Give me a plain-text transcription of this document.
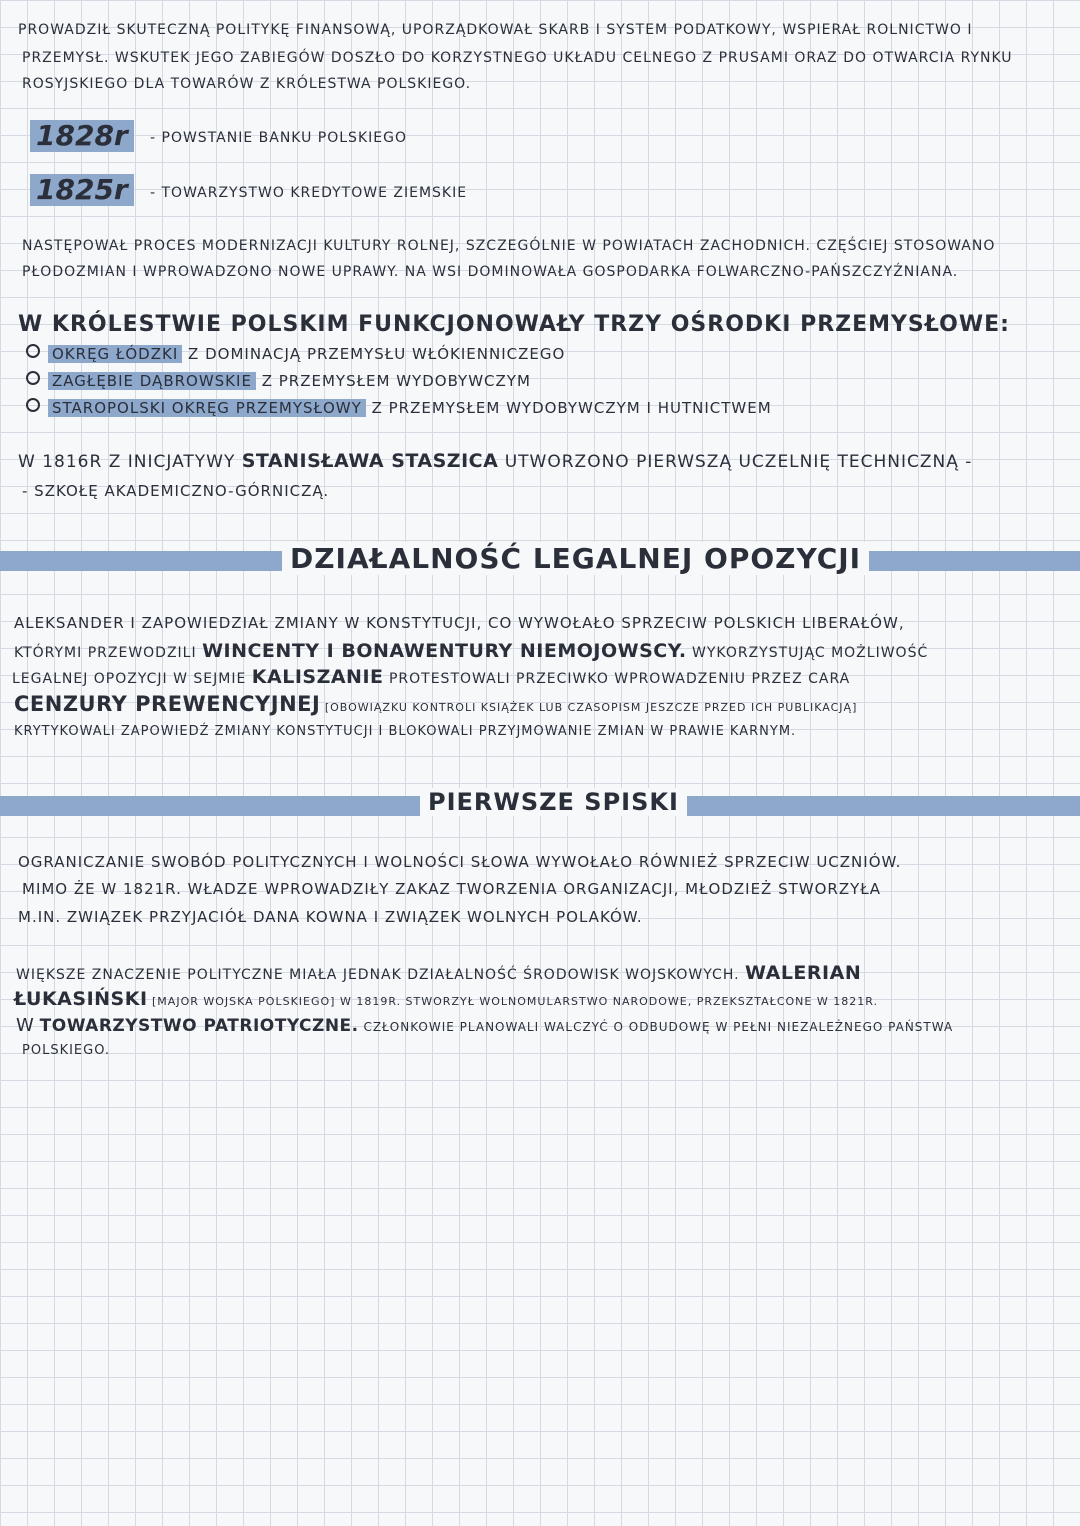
PROWADZIŁ SKUTECZNĄ POLITYKĘ FINANSOWĄ, UPORZĄDKOWAŁ SKARB I SYSTEM PODATKOWY, WSPIERAŁ ROLNICTWO I
PRZEMYSŁ. WSKUTEK JEGO ZABIEGÓW DOSZŁO DO KORZYSTNEGO UKŁADU CELNEGO Z PRUSAMI ORAZ DO OTWARCIA RYNKU
ROSYJSKIEGO DLA TOWARÓW Z KRÓLESTWA POLSKIEGO.
1828r	- POWSTANIE BANKU POLSKIEGO
1825r	- TOWARZYSTWO KREDYTOWE ZIEMSKIE
NASTĘPOWAŁ PROCES MODERNIZACJI KULTURY ROLNEJ, SZCZEGÓLNIE W POWIATACH ZACHODNICH. CZĘŚCIEJ STOSOWANO
PŁODOZMIAN I WPROWADZONO NOWE UPRAWY. NA WSI DOMINOWAŁA GOSPODARKA FOLWARCZNO-PAŃSZCZYŹNIANA.
W KRÓLESTWIE POLSKIM FUNKCJONOWAŁY TRZY OŚRODKI PRZEMYSŁOWE:
OKRĘG ŁÓDZKI Z DOMINACJĄ PRZEMYSŁU WŁÓKIENNICZEGO
ZAGŁĘBIE DĄBROWSKIE Z PRZEMYSŁEM WYDOBYWCZYM
STAROPOLSKI OKRĘG PRZEMYSŁOWY Z PRZEMYSŁEM WYDOBYWCZYM I HUTNICTWEM
W 1816R Z INICJATYWY STANISŁAWA STASZICA UTWORZONO PIERWSZĄ UCZELNIĘ TECHNICZNĄ -
- SZKOŁĘ AKADEMICZNO-GÓRNICZĄ.
DZIAŁALNOŚĆ LEGALNEJ OPOZYCJI
ALEKSANDER I ZAPOWIEDZIAŁ ZMIANY W KONSTYTUCJI, CO WYWOŁAŁO SPRZECIW POLSKICH LIBERAŁÓW,
KTÓRYMI PRZEWODZILI WINCENTY I BONAWENTURY NIEMOJOWSCY. WYKORZYSTUJĄC MOŻLIWOŚĆ
LEGALNEJ OPOZYCJI W SEJMIE KALISZANIE PROTESTOWALI PRZECIWKO WPROWADZENIU PRZEZ CARA
CENZURY PREWENCYJNEJ [OBOWIĄZKU KONTROLI KSIĄŻEK LUB CZASOPISM JESZCZE PRZED ICH PUBLIKACJĄ]
KRYTYKOWALI ZAPOWIEDŹ ZMIANY KONSTYTUCJI I BLOKOWALI PRZYJMOWANIE ZMIAN W PRAWIE KARNYM.
PIERWSZE SPISKI
OGRANICZANIE SWOBÓD POLITYCZNYCH I WOLNOŚCI SŁOWA WYWOŁAŁO RÓWNIEŻ SPRZECIW UCZNIÓW.
MIMO ŻE W 1821R. WŁADZE WPROWADZIŁY ZAKAZ TWORZENIA ORGANIZACJI, MŁODZIEŻ STWORZYŁA
M.IN. ZWIĄZEK PRZYJACIÓŁ DANA KOWNA I ZWIĄZEK WOLNYCH POLAKÓW.
WIĘKSZE ZNACZENIE POLITYCZNE MIAŁA JEDNAK DZIAŁALNOŚĆ ŚRODOWISK WOJSKOWYCH. WALERIAN
ŁUKASIŃSKI [MAJOR WOJSKA POLSKIEGO] W 1819R. STWORZYŁ WOLNOMULARSTWO NARODOWE, PRZEKSZTAŁCONE W 1821R.
W TOWARZYSTWO PATRIOTYCZNE. CZŁONKOWIE PLANOWALI WALCZYĆ O ODBUDOWĘ W PEŁNI NIEZALEŻNEGO PAŃSTWA
POLSKIEGO.
